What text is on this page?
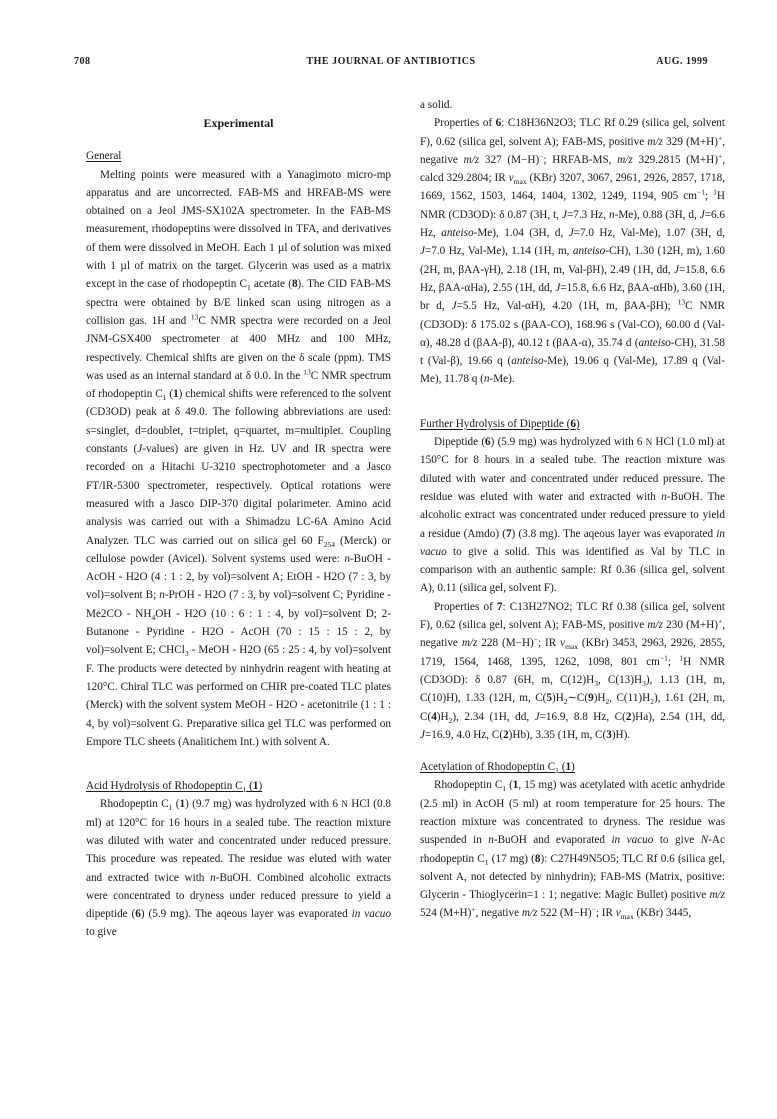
708	THE JOURNAL OF ANTIBIOTICS	AUG. 1999
Experimental

General

Melting points were measured with a Yanagimoto micro-mp apparatus and are uncorrected. FAB-MS and HRFAB-MS were obtained on a Jeol JMS-SX102A spectrometer. In the FAB-MS measurement, rhodopeptins were dissolved in TFA, and derivatives of them were dissolved in MeOH. Each 1 µl of solution was mixed with 1 µl of matrix on the target. Glycerin was used as a matrix except in the case of rhodopeptin $C_1$ acetate (8). The CID FAB-MS spectra were obtained by B/E linked scan using nitrogen as a collision gas. 1H and $^{13}$C NMR spectra were recorded on a Jeol JNM-GSX400 spectrometer at 400 MHz and 100 MHz, respectively. Chemical shifts are given on the δ scale (ppm). TMS was used as an internal standard at δ 0.0. In the $^{13}$C NMR spectrum of rhodopeptin $C_1$ (1) chemical shifts were referenced to the solvent (CD3OD) peak at δ 49.0. The following abbreviations are used: s=singlet, d=doublet, t=triplet, q=quartet, m=multiplet. Coupling constants (J-values) are given in Hz. UV and IR spectra were recorded on a Hitachi U-3210 spectrophotometer and a Jasco FT/IR-5300 spectrometer, respectively. Optical rotations were measured with a Jasco DIP-370 digital polarimeter. Amino acid analysis was carried out with a Shimadzu LC-6A Amino Acid Analyzer. TLC was carried out on silica gel 60 $F_{254}$ (Merck) or cellulose powder (Avicel). Solvent systems used were: n-BuOH - AcOH - H2O (4 : 1 : 2, by vol)=solvent A; EtOH - H2O (7 : 3, by vol)=solvent B; n-PrOH - H2O (7 : 3, by vol)=solvent C; Pyridine - $Me2CO - NH_4OH - H2O$ (10 : 6 : 1 : 4, by vol)=solvent D; 2-Butanone - Pyridine - H2O - AcOH (70 : 15 : 15 : 2, by vol)=solvent E; CHCl$_3$ - MeOH - H2O (65 : 25 : 4, by vol)=solvent F. The products were detected by ninhydrin reagent with heating at 120°C. Chiral TLC was performed on CHIR pre-coated TLC plates (Merck) with the solvent system MeOH - H2O - acetonitrile (1 : 1 : 4, by vol)=solvent G. Preparative silica gel TLC was performed on Empore TLC sheets (Analitichem Int.) with solvent A.

Acid Hydrolysis of Rhodopeptin $C_1$ (1)

Rhodopeptin $C_1$ (1) (9.7 mg) was hydrolyzed with 6 N HCl (0.8 ml) at 120°C for 16 hours in a sealed tube. The reaction mixture was diluted with water and concentrated under reduced pressure. This procedure was repeated. The residue was eluted with water and extracted twice with n-BuOH. Combined alcoholic extracts were concentrated to dryness under reduced pressure to yield a dipeptide (6) (5.9 mg). The aqeous layer was evaporated in vacuo to give

a solid.

Properties of 6: C18H36N2O3; TLC Rf 0.29 (silica gel, solvent F), 0.62 (silica gel, solvent A); FAB-MS, positive m/z 329 (M+H)+, negative m/z 327 (M−H)−; HRFAB-MS, m/z 329.2815 (M+H)+, calcd 329.2804; IR $\nu_{max}$ (KBr) 3207, 3067, 2961, 2926, 2857, 1718, 1669, 1562, 1503, 1464, 1404, 1302, 1249, 1194, 905 $cm^{-1}$; $^1$H NMR (CD3OD): δ 0.87 (3H, t, J=7.3 Hz, n-Me), 0.88 (3H, d, J=6.6 Hz, anteiso-Me), 1.04 (3H, d, J=7.0 Hz, Val-Me), 1.07 (3H, d, J=7.0 Hz, Val-Me), 1.14 (1H, m, anteiso-CH), 1.30 (12H, m), 1.60 (2H, m, βAA-γH), 2.18 (1H, m, Val-βH), 2.49 (1H, dd, J=15.8, 6.6 Hz, βAA-αHa), 2.55 (1H, dd, J=15.8, 6.6 Hz, βAA-αHb), 3.60 (1H, br d, J=5.5 Hz, Val-αH), 4.20 (1H, m, βAA-βH); $^{13}$C NMR (CD3OD): δ 175.02 s (βAA-CO), 168.96 s (Val-CO), 60.00 d (Val-α), 48.28 d (βAA-β), 40.12 t (βAA-α), 35.74 d (anteiso-CH), 31.58 t (Val-β), 19.66 q (anteiso-Me), 19.06 q (Val-Me), 17.89 q (Val-Me), 11.78 q (n-Me).

Further Hydrolysis of Dipeptide (6)

Dipeptide (6) (5.9 mg) was hydrolyzed with 6 N HCl (1.0 ml) at 150°C for 8 hours in a sealed tube. The reaction mixture was diluted with water and concentrated under reduced pressure. The residue was eluted with water and extracted with n-BuOH. The alcoholic extract was concentrated under reduced pressure to yield a residue (Amdo) (7) (3.8 mg). The aqeous layer was evaporated in vacuo to give a solid. This was identified as Val by TLC in comparison with an authentic sample: Rf 0.36 (silica gel, solvent A), 0.11 (silica gel, solvent F).

Properties of 7: C13H27NO2; TLC Rf 0.38 (silica gel, solvent F), 0.62 (silica gel, solvent A); FAB-MS, positive m/z 230 (M+H)+, negative m/z 228 (M−H)−; IR $\nu_{max}$ (KBr) 3453, 2963, 2926, 2855, 1719, 1564, 1468, 1395, 1262, 1098, 801 $cm^{-1}$; $^1$H NMR (CD3OD): δ 0.87 (6H, m, $C(12)H_3$, $C(13)H_3$), 1.13 (1H, m, C(10)H), 1.33 (12H, m, $C(5)H_2\sim C(9)H_2$, $C(11)H_2$), 1.61 (2H, m, $C(4)H_2$), 2.34 (1H, dd, J=16.9, 8.8 Hz, C(2)Ha), 2.54 (1H, dd, J=16.9, 4.0 Hz, C(2)Hb), 3.35 (1H, m, C(3)H).

Acetylation of Rhodopeptin $C_1$ (1)

Rhodopeptin $C_1$ (1, 15 mg) was acetylated with acetic anhydride (2.5 ml) in AcOH (5 ml) at room temperature for 25 hours. The reaction mixture was concentrated to dryness. The residue was suspended in n-BuOH and evaporated in vacuo to give N-Ac rhodopeptin $C_1$ (17 mg) (8): C27H49N5O5; TLC Rf 0.6 (silica gel, solvent A, not detected by ninhydrin); FAB-MS (Matrix, positive: Glycerin - Thioglycerin=1 : 1; negative: Magic Bullet) positive m/z 524 (M+H)+, negative m/z 522 (M−H)−; IR $\nu_{max}$ (KBr) 3445,
